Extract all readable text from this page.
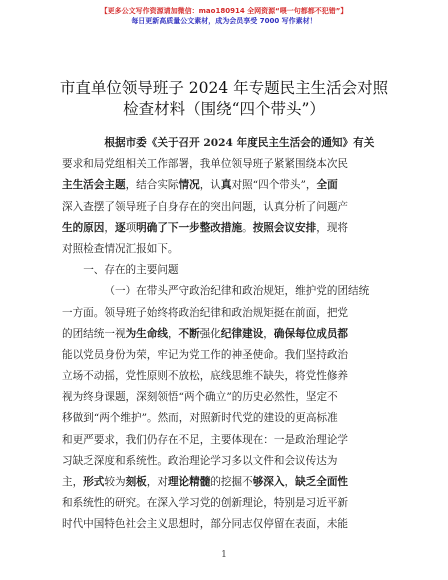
【更多公文写作资源请加微信：mao180914 全网资源“喂一句都都不犯错”】
每日更新高质量公文素材，成为会员享受 7000 写作素材！
市直单位领导班子 2024 年专题民主生活会对照
检查材料（围绕“四个带头”）
根据市委《关于召开 2024 年度民主生活会的通知》有关
要求和局党组相关工作部署，我单位领导班子紧紧围绕本次民
主生活会主题，结合实际情况，认真对照“四个带头”，全面
深入查摆了领导班子自身存在的突出问题，认真分析了问题产
生的原因，逐项明确了下一步整改措施。按照会议安排，现将
对照检查情况汇报如下。
一、存在的主要问题
（一）在带头严守政治纪律和政治规矩，维护党的团结统
一方面。领导班子始终将政治纪律和政治规矩挺在前面，把党
的团结统一视为生命线，不断强化纪律建设，确保每位成员都
能以党员身份为荣，牢记为党工作的神圣使命。我们坚持政治
立场不动摇，党性原则不放松，底线思维不缺失，将党性修养
视为终身课题，深刻领悟“两个确立”的历史必然性，坚定不
移做到“两个维护”。然而，对照新时代党的建设的更高标准
和更严要求，我们仍存在不足，主要体现在：一是政治理论学
习缺乏深度和系统性。政治理论学习多以文件和会议传达为
主，形式较为刻板，对理论精髓的挖掘不够深入，缺乏全面性
和系统性的研究。在深入学习党的创新理论，特别是习近平新
时代中国特色社会主义思想时，部分同志仅停留在表面，未能
1
